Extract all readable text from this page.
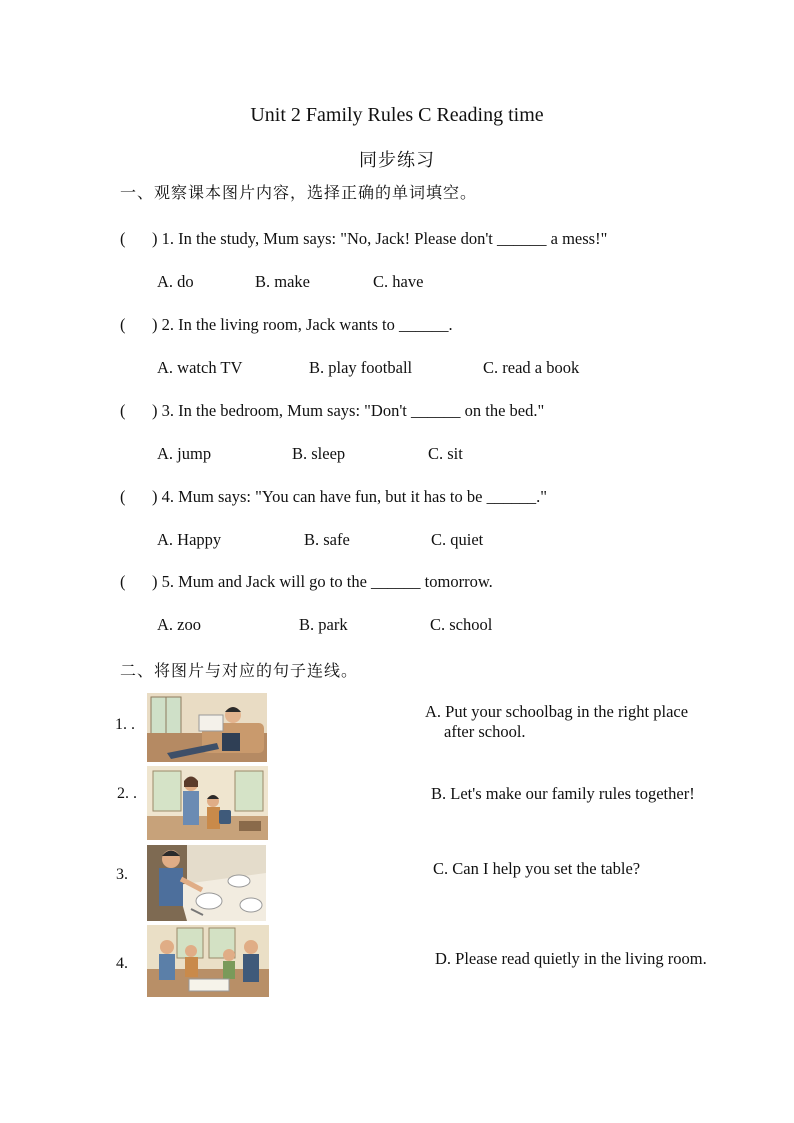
Unit 2 Family Rules C Reading time
同步练习
一、观察课本图片内容，选择正确的单词填空。
( ) 1. In the study, Mum says: "No, Jack! Please don't ______ a mess!"
A. do	B. make	C. have
( ) 2. In the living room, Jack wants to ______.
A. watch TV	B. play football	C. read a book
( ) 3. In the bedroom, Mum says: "Don't ______ on the bed."
A. jump	B. sleep	C. sit
( ) 4. Mum says: "You can have fun, but it has to be ______."
A. Happy	B. safe	C. quiet
( ) 5. Mum and Jack will go to the ______ tomorrow.
A. zoo	B. park	C. school
二、将图片与对应的句子连线。
1. .
2. .
3.
4.
A. Put your schoolbag in the right place
after school.
B. Let's make our family rules together!
C. Can I help you set the table?
D. Please read quietly in the living room.
